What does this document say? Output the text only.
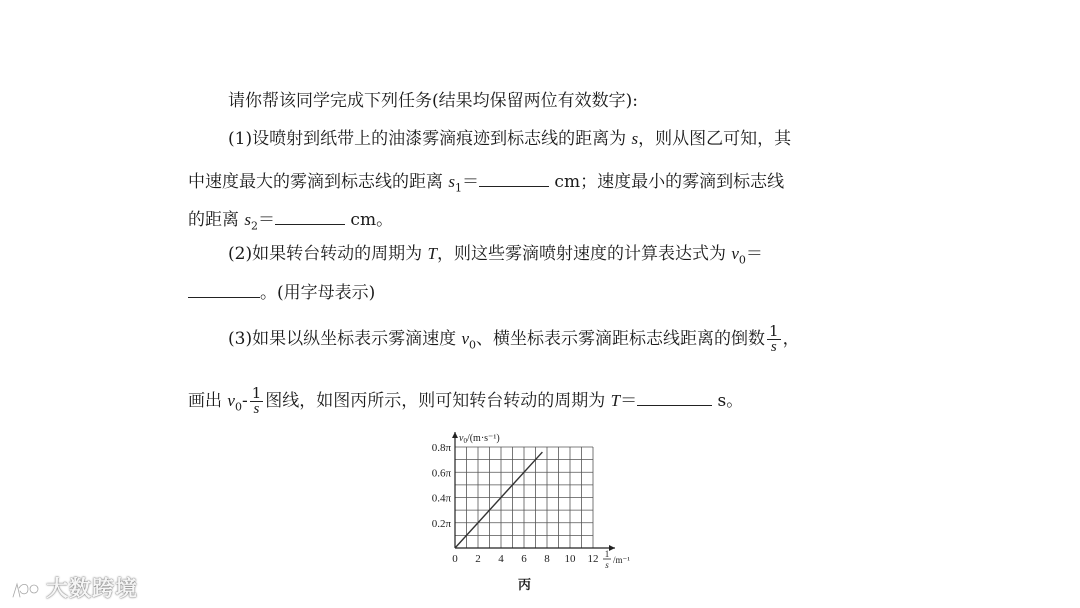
请你帮该同学完成下列任务(结果均保留两位有效数字):
(1)设喷射到纸带上的油漆雾滴痕迹到标志线的距离为 s，则从图乙可知，其
中速度最大的雾滴到标志线的距离 $s_1=$	cm；速度最小的雾滴到标志线
的距离 $s_2=$	cm。
(2)如果转台转动的周期为 T，则这些雾滴喷射速度的计算表达式为 $v_0=$
。(用字母表示)
(3)如果以纵坐标表示雾滴速度 $v_0$、横坐标表示雾滴距标志线距离的倒数 $\frac{1}{s}$ ，
画出 $v_0- \frac{1}{s}$ 图线，如图丙所示，则可知转台转动的周期为 T＝	s。
0 2 4 6 8 10 12
0.2π
0.4π
0.6π
0.8π
$v_0/(m\cdot s^{-1})$
1
s /m⁻¹
丙
大数跨境
